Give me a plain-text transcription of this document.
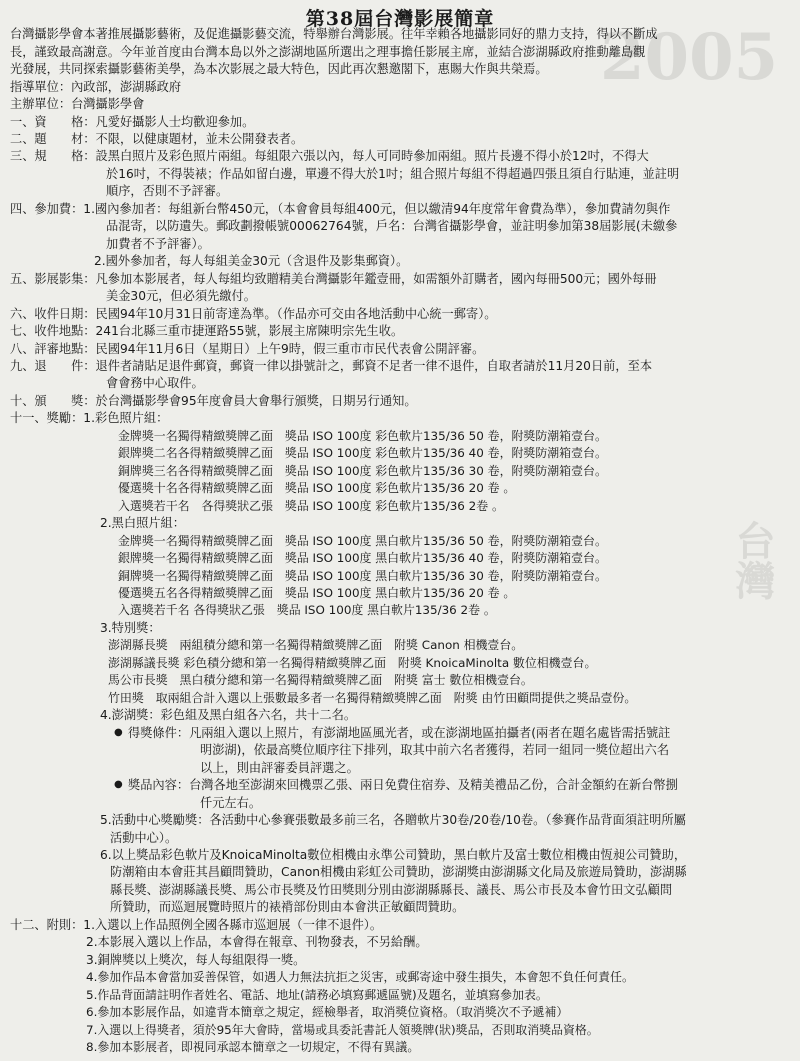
2005
台灣
第38屆台灣影展簡章
台灣攝影學會本著推展攝影藝術，及促進攝影藝交流，特舉辦台灣影展。往年幸賴各地攝影同好的鼎力支持，得以不斷成
長，謹致最高謝意。今年並首度由台灣本島以外之澎湖地區所選出之理事擔任影展主席，並結合澎湖縣政府推動離島觀
光發展，共同探索攝影藝術美學，為本次影展之最大特色，因此再次懇邀閣下，惠賜大作與共榮焉。
指導單位：內政部，澎湖縣政府
主辦單位：台灣攝影學會
一、資　　格：凡愛好攝影人士均歡迎參加。
二、題　　材：不限，以健康題材，並未公開發表者。
三、規　　格：設黑白照片及彩色照片兩組。每組限六張以內，每人可同時參加兩組。照片長邊不得小於12吋，不得大
於16吋，不得裝裱；作品如留白邊，單邊不得大於1吋；組合照片每組不得超過四張且須自行貼連，並註明
順序，否則不予評審。
四、參加費：1.國內參加者：每組新台幣450元，（本會會員每組400元，但以繳清94年度常年會費為準），參加費請勿與作
品混寄，以防遺失。郵政劃撥帳號00062764號，戶名：台灣省攝影學會，並註明參加第38屆影展(未繳參
加費者不予評審）。
2.國外參加者，每人每組美金30元（含退件及影集郵資）。
五、影展影集：凡參加本影展者，每人每組均致贈精美台灣攝影年鑑壹冊，如需額外訂購者，國內每冊500元；國外每冊
美金30元，但必須先繳付。
六、收件日期：民國94年10月31日前寄達為準。（作品亦可交由各地活動中心統一郵寄）。
七、收件地點：241台北縣三重市捷運路55號，影展主席陳明宗先生收。
八、評審地點：民國94年11月6日（星期日）上午9時，假三重市市民代表會公開評審。
九、退　　件：退件者請貼足退件郵資，郵資一律以掛號計之，郵資不足者一律不退件，自取者請於11月20日前，至本
會會務中心取件。
十、頒　　獎：於台灣攝影學會95年度會員大會舉行頒獎，日期另行通知。
十一、獎勵：1.彩色照片組：
金牌獎一名獨得精緻獎牌乙面　獎品 ISO 100度 彩色軟片135/36 50 卷，附獎防潮箱壹台。
銀牌獎二名各得精緻獎牌乙面　獎品 ISO 100度 彩色軟片135/36 40 卷，附獎防潮箱壹台。
銅牌獎三名各得精緻獎牌乙面　獎品 ISO 100度 彩色軟片135/36 30 卷，附獎防潮箱壹台。
優選獎十名各得精緻獎牌乙面　獎品 ISO 100度 彩色軟片135/36 20 卷 。
入選獎若干名　各得獎狀乙張　獎品 ISO 100度 彩色軟片135/36 2卷 。
2.黑白照片組：
金牌獎一名獨得精緻獎牌乙面　獎品 ISO 100度 黑白軟片135/36 50 卷，附獎防潮箱壹台。
銀牌獎一名獨得精緻獎牌乙面　獎品 ISO 100度 黑白軟片135/36 40 卷，附獎防潮箱壹台。
銅牌獎一名獨得精緻獎牌乙面　獎品 ISO 100度 黑白軟片135/36 30 卷，附獎防潮箱壹台。
優選獎五名各得精緻獎牌乙面　獎品 ISO 100度 黑白軟片135/36 20 卷 。
入選獎若千名 各得獎狀乙張　獎品 ISO 100度 黑白軟片135/36 2卷 。
3.特別獎：
澎湖縣長獎　兩組積分總和第一名獨得精緻獎牌乙面　附獎 Canon 相機壹台。
澎湖縣議長獎 彩色積分總和第一名獨得精緻獎牌乙面　附獎 KnoicaMinolta 數位相機壹台。
馬公市長獎　黑白積分總和第一名獨得精緻獎牌乙面　附獎 富士 數位相機壹台。
竹田獎　取兩組合計入選以上張數最多者一名獨得精緻獎牌乙面　附獎 由竹田顧問提供之獎品壹份。
4.澎湖獎：彩色組及黑白組各六名，共十二名。
● 得獎條件：凡兩組入選以上照片，有澎湖地區風光者，或在澎湖地區拍攝者(兩者在題名處皆需括號註
明澎湖)，依最高獎位順序往下排列，取其中前六名者獲得，若同一組同一獎位超出六名
以上，則由評審委員評選之。
● 獎品內容：台灣各地至澎湖來回機票乙張、兩日免費住宿券、及精美禮品乙份，合計金額約在新台幣捌
仟元左右。
5.活動中心獎勵獎：各活動中心參賽張數最多前三名，各贈軟片30卷/20卷/10卷。（參賽作品背面須註明所屬
活動中心）。
6.以上獎品彩色軟片及KnoicaMinolta數位相機由永準公司贊助，黑白軟片及富士數位相機由恆昶公司贊助，
防潮箱由本會莊其昌顧問贊助，Canon相機由彩虹公司贊助，澎湖獎由澎湖縣文化局及旅遊局贊助，澎湖縣
縣長獎、澎湖縣議長獎、馬公市長獎及竹田獎則分別由澎湖縣縣長、議長、馬公市長及本會竹田文弘顧問
所贊助，而巡迴展覽時照片的裱褙部份則由本會洪正敏顧問贊助。
十二、附則：1.入選以上作品照例全國各縣市巡迴展（一律不退件）。
2.本影展入選以上作品，本會得在報章、刊物發表，不另給酬。
3.銅牌獎以上獎次，每人每組限得一獎。
4.參加作品本會當加妥善保管，如遇人力無法抗拒之災害，或郵寄途中發生損失，本會恕不負任何責任。
5.作品背面請註明作者姓名、電話、地址(請務必填寫郵遞區號)及題名，並填寫參加表。
6.參加本影展作品，如違背本簡章之規定，經檢舉者，取消獎位資格。（取消獎次不予遞補）
7.入選以上得獎者，須於95年大會時，當場或具委託書託人領獎牌(狀)獎品，否則取消獎品資格。
8.參加本影展者，即視同承認本簡章之一切規定，不得有異議。
